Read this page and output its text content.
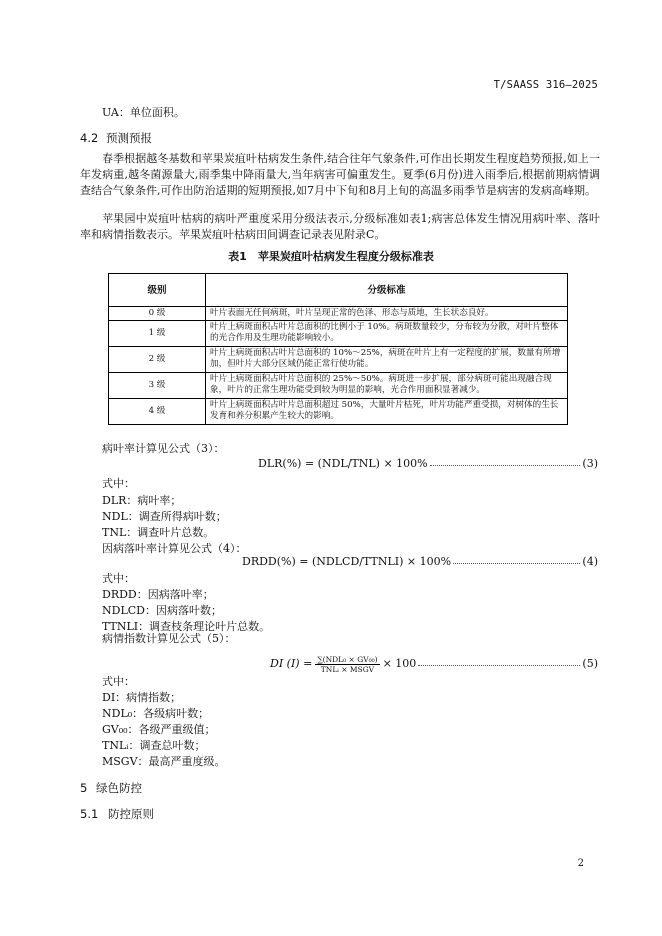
T/SAASS 316—2025
UA：单位面积。
4.2 预测预报
春季根据越冬基数和苹果炭疽叶枯病发生条件,结合往年气象条件,可作出长期发生程度趋势预报,如上一年发病重,越冬菌源量大,雨季集中降雨量大,当年病害可偏重发生。夏季(6月份)进入雨季后,根据前期病情调查结合气象条件,可作出防治适期的短期预报,如7月中下旬和8月上旬的高温多雨季节是病害的发病高峰期。
苹果园中炭疽叶枯病的病叶严重度采用分级法表示,分级标准如表1;病害总体发生情况用病叶率、落叶率和病情指数表示。苹果炭疽叶枯病田间调查记录表见附录C。
表1　苹果炭疽叶枯病发生程度分级标准表
级别	分级标准
0 级	叶片表面无任何病斑，叶片呈现正常的色泽、形态与质地，生长状态良好。
1 级	叶片上病斑面积占叶片总面积的比例小于 10%。病斑数量较少，分布较为分散，对叶片整体的光合作用及生理功能影响较小。
2 级	叶片上病斑面积占叶片总面积的 10%～25%，病斑在叶片上有一定程度的扩展，数量有所增加，但叶片大部分区域仍能正常行使功能。
3 级	叶片上病斑面积占叶片总面积的 25%～50%。病斑进一步扩展，部分病斑可能出现融合现象，叶片的正常生理功能受到较为明显的影响，光合作用面积显著减少。
4 级	叶片上病斑面积占叶片总面积超过 50%，大量叶片枯死，叶片功能严重受损，对树体的生长发育和养分积累产生较大的影响。
病叶率计算见公式（3）：
DLR(%) = (NDL/TNL) × 100%	(3)
式中：
DLR：病叶率；
NDL：调查所得病叶数；
TNL：调查叶片总数。
因病落叶率计算见公式（4）：
DRDD(%) = (NDLCD/TTNLI) × 100%	(4)
式中：
DRDD：因病落叶率；
NDLCD：因病落叶数；
TTNLI：调查枝条理论叶片总数。
病情指数计算见公式（5）：
DI $(I) = \frac{\text{∑(NDL₀ × GV₀₀)}}{\text{TNLᵢ × MSGV}} \times 100$	(5)
式中：
DI：病情指数；
NDL₀：各级病叶数；
GV₀₀：各级严重级值；
TNLᵢ：调查总叶数；
MSGV：最高严重度级。
5 绿色防控
5.1 防控原则
2
